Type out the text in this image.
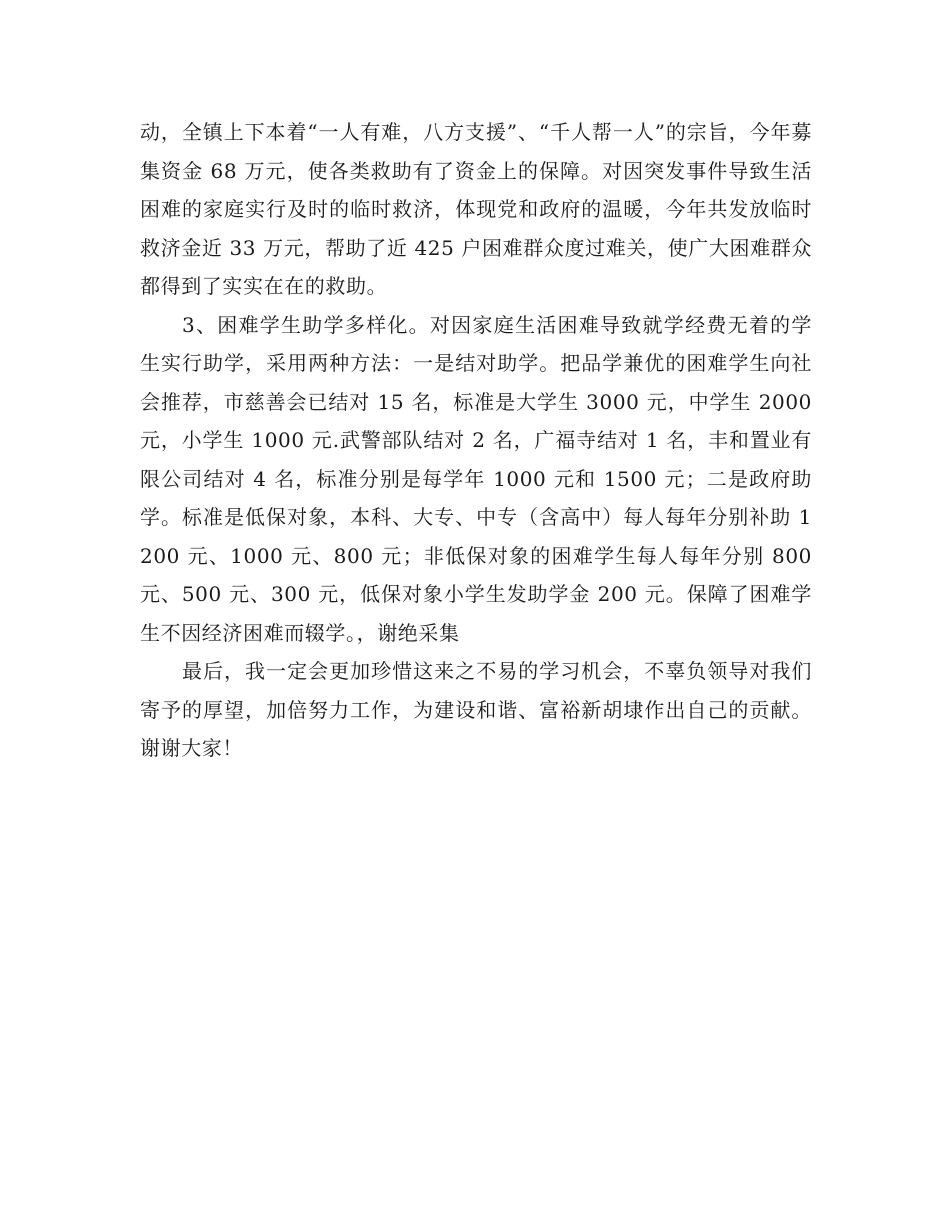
动，全镇上下本着“一人有难，八方支援”、“千人帮一人”的宗旨，今年募集资金 68 万元，使各类救助有了资金上的保障。对因突发事件导致生活困难的家庭实行及时的临时救济，体现党和政府的温暖，今年共发放临时救济金近 33 万元，帮助了近 425 户困难群众度过难关，使广大困难群众都得到了实实在在的救助。

3、困难学生助学多样化。对因家庭生活困难导致就学经费无着的学生实行助学，采用两种方法：一是结对助学。把品学兼优的困难学生向社会推荐，市慈善会已结对 15 名，标准是大学生 3000 元，中学生 2000 元，小学生 1000 元.武警部队结对 2 名，广福寺结对 1 名，丰和置业有限公司结对 4 名，标准分别是每学年 1000 元和 1500 元；二是政府助学。标准是低保对象，本科、大专、中专（含高中）每人每年分别补助 1200 元、1000 元、800 元；非低保对象的困难学生每人每年分别 800 元、500 元、300 元，低保对象小学生发助学金 200 元。保障了困难学生不因经济困难而辍学。，谢绝采集

最后，我一定会更加珍惜这来之不易的学习机会，不辜负领导对我们寄予的厚望，加倍努力工作，为建设和谐、富裕新胡埭作出自己的贡献。谢谢大家！
